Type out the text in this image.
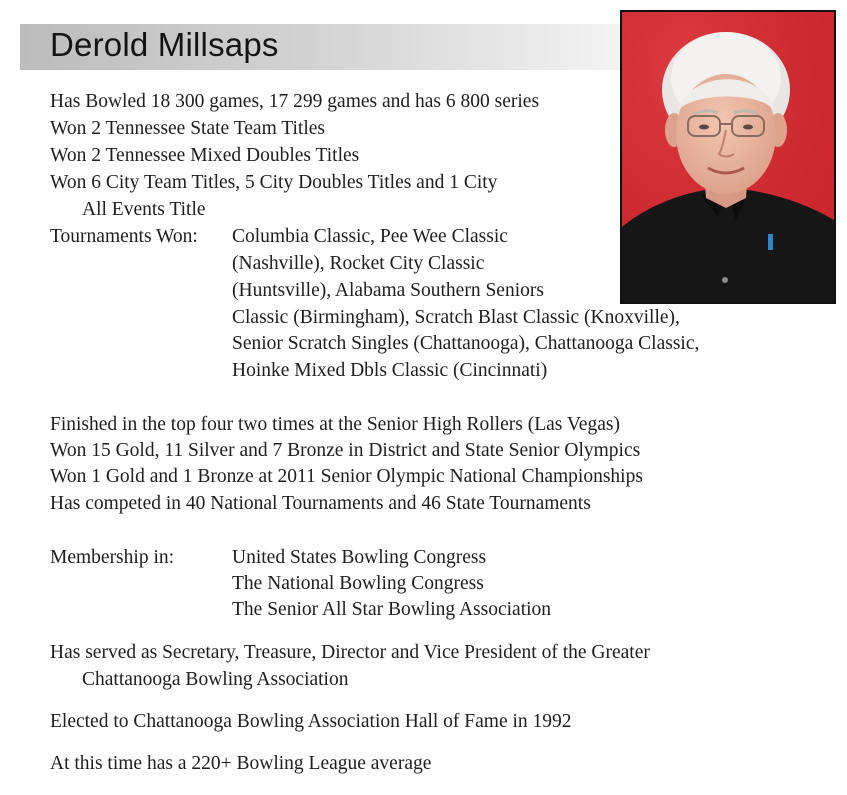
Derold Millsaps
Has Bowled 18 300 games, 17 299 games and has 6 800 series
Won 2 Tennessee State Team Titles
Won 2 Tennessee Mixed Doubles Titles
Won 6 City Team Titles, 5 City Doubles Titles and 1 City
All Events Title
Tournaments Won: Columbia Classic, Pee Wee Classic
(Nashville), Rocket City Classic
(Huntsville), Alabama Southern Seniors
Classic (Birmingham), Scratch Blast Classic (Knoxville),
Senior Scratch Singles (Chattanooga), Chattanooga Classic,
Hoinke Mixed Dbls Classic (Cincinnati)
Finished in the top four two times at the Senior High Rollers (Las Vegas)
Won 15 Gold, 11 Silver and 7 Bronze in District and State Senior Olympics
Won 1 Gold and 1 Bronze at 2011 Senior Olympic National Championships
Has competed in 40 National Tournaments and 46 State Tournaments
Membership in:	United States Bowling Congress
The National Bowling Congress
The Senior All Star Bowling Association
Has served as Secretary, Treasure, Director and Vice President of the Greater
Chattanooga Bowling Association
Elected to Chattanooga Bowling Association Hall of Fame in 1992
At this time has a 220+ Bowling League average
